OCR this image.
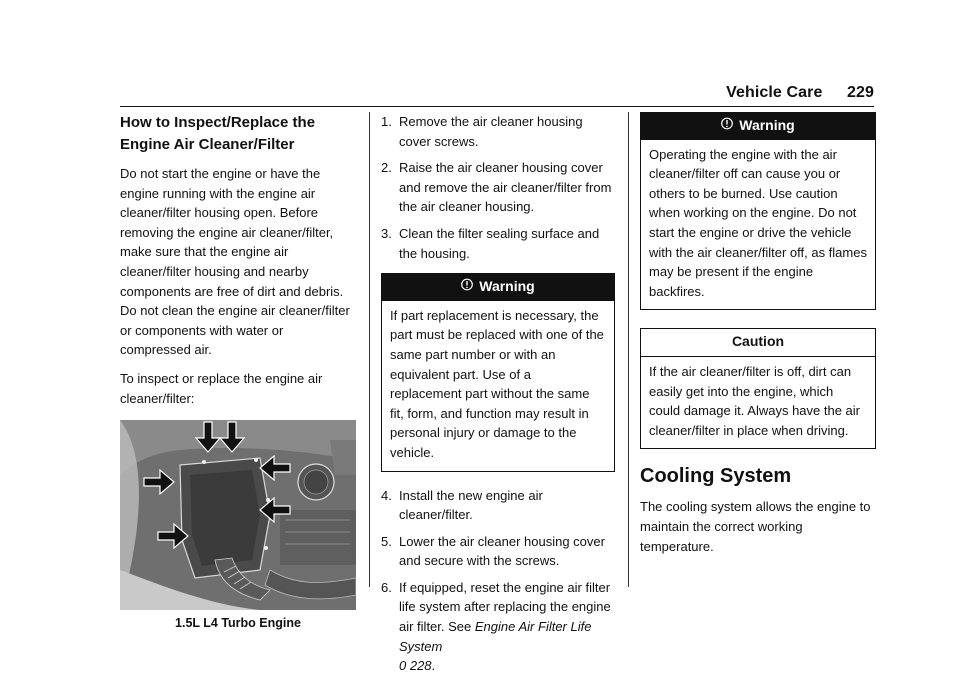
Vehicle Care 229
How to Inspect/Replace the Engine Air Cleaner/Filter

Do not start the engine or have the engine running with the engine air cleaner/filter housing open. Before removing the engine air cleaner/filter, make sure that the engine air cleaner/filter housing and nearby components are free of dirt and debris. Do not clean the engine air cleaner/filter or components with water or compressed air.

To inspect or replace the engine air cleaner/filter:

1.5L L4 Turbo Engine
1. Remove the air cleaner housing cover screws.
2. Raise the air cleaner housing cover and remove the air cleaner/filter from the air cleaner housing.
3. Clean the filter sealing surface and the housing.
Warning

If part replacement is necessary, the part must be replaced with one of the same part number or with an equivalent part. Use of a replacement part without the same fit, form, and function may result in personal injury or damage to the vehicle.

4. Install the new engine air cleaner/filter.
5. Lower the air cleaner housing cover and secure with the screws.
6. If equipped, reset the engine air filter life system after replacing the engine air filter. See Engine Air Filter Life System
0 228.
Warning

Operating the engine with the air cleaner/filter off can cause you or others to be burned. Use caution when working on the engine. Do not start the engine or drive the vehicle with the air cleaner/filter off, as flames may be present if the engine backfires.

Caution

If the air cleaner/filter is off, dirt can easily get into the engine, which could damage it. Always have the air cleaner/filter in place when driving.

Cooling System

The cooling system allows the engine to maintain the correct working temperature.
